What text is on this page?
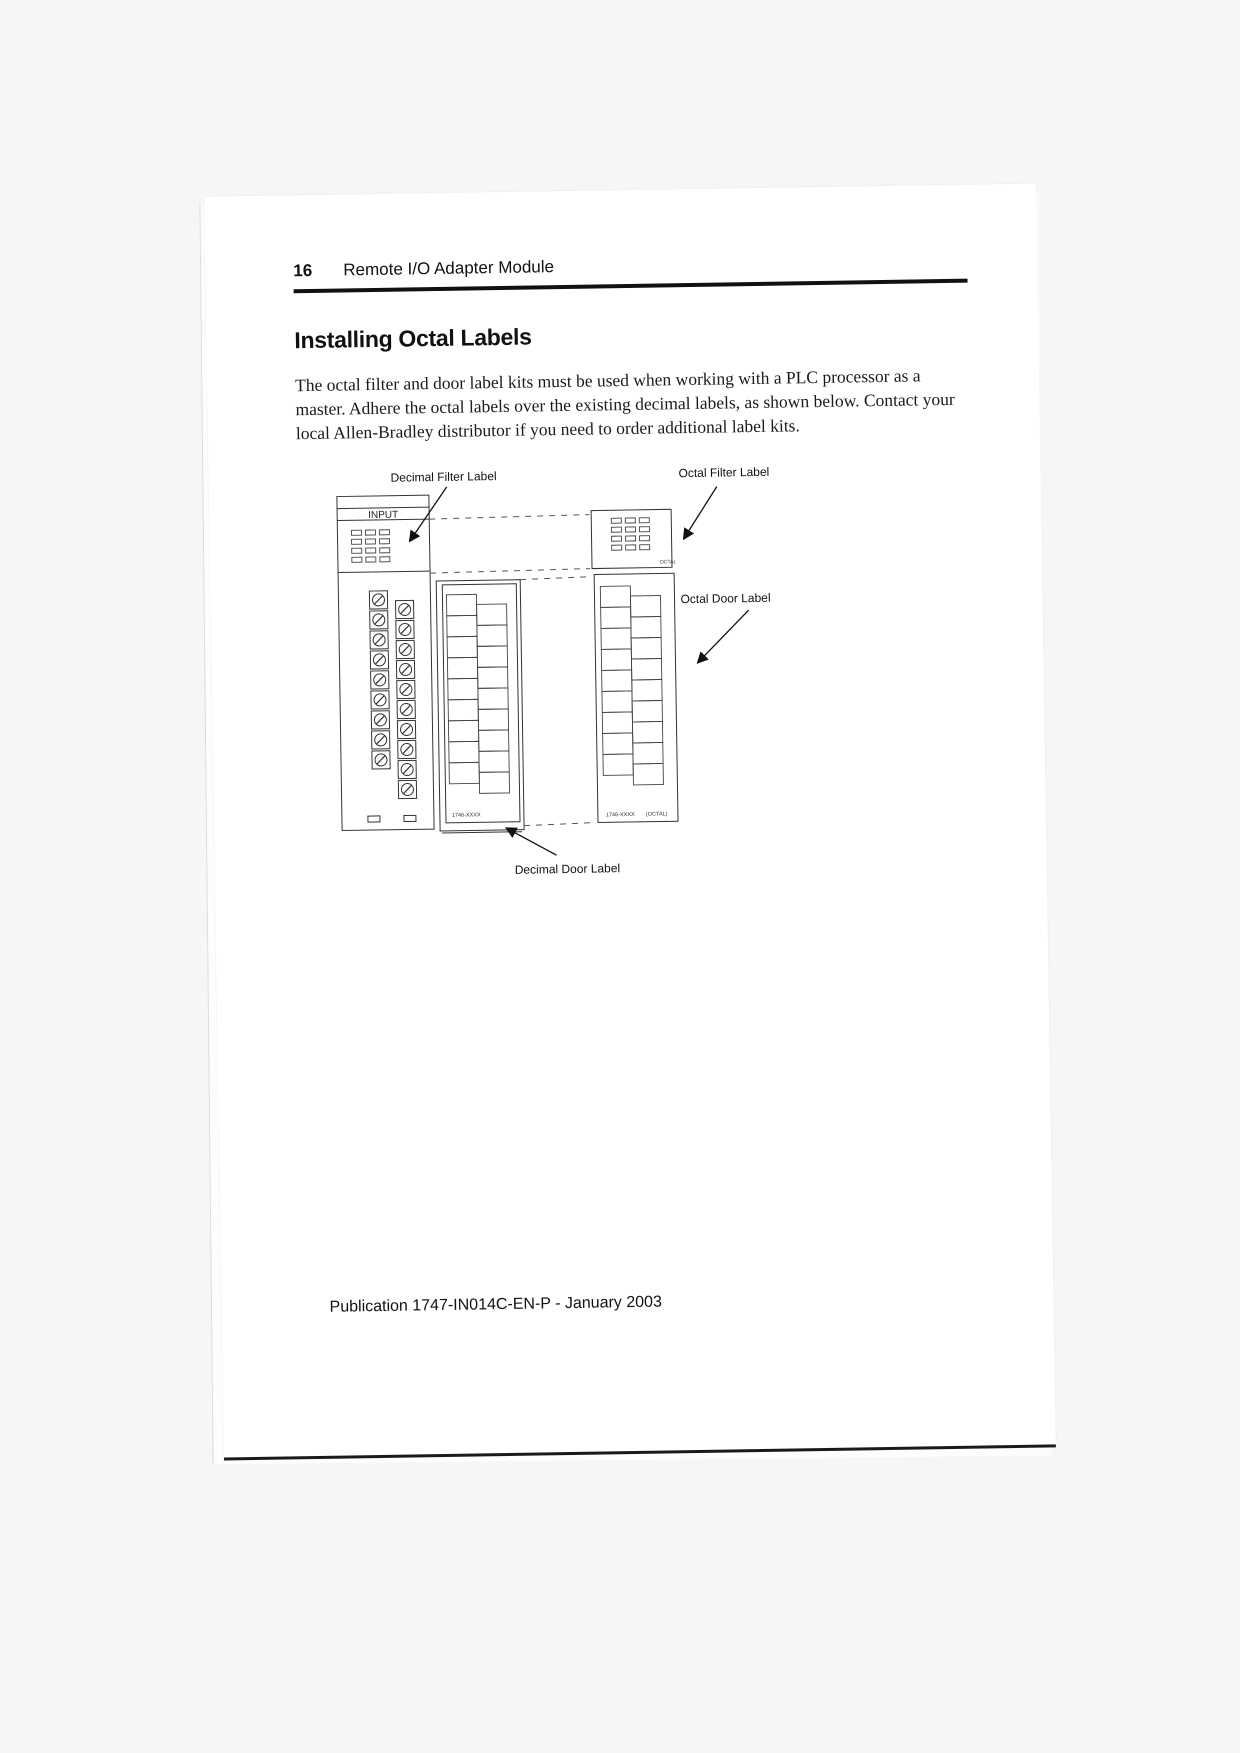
16 Remote I/O Adapter Module
Installing Octal Labels

The octal filter and door label kits must be used when working with a PLC processor as a master. Adhere the octal labels over the existing decimal labels, as shown below. Contact your local Allen-Bradley distributor if you need to order additional label kits.

INPUT
1746-XXXX
OCTAL
1746-XXXX (OCTAL)
Decimal Filter Label	Octal Filter Label
Octal Door Label
Decimal Door Label
Publication 1747-IN014C-EN-P - January 2003
